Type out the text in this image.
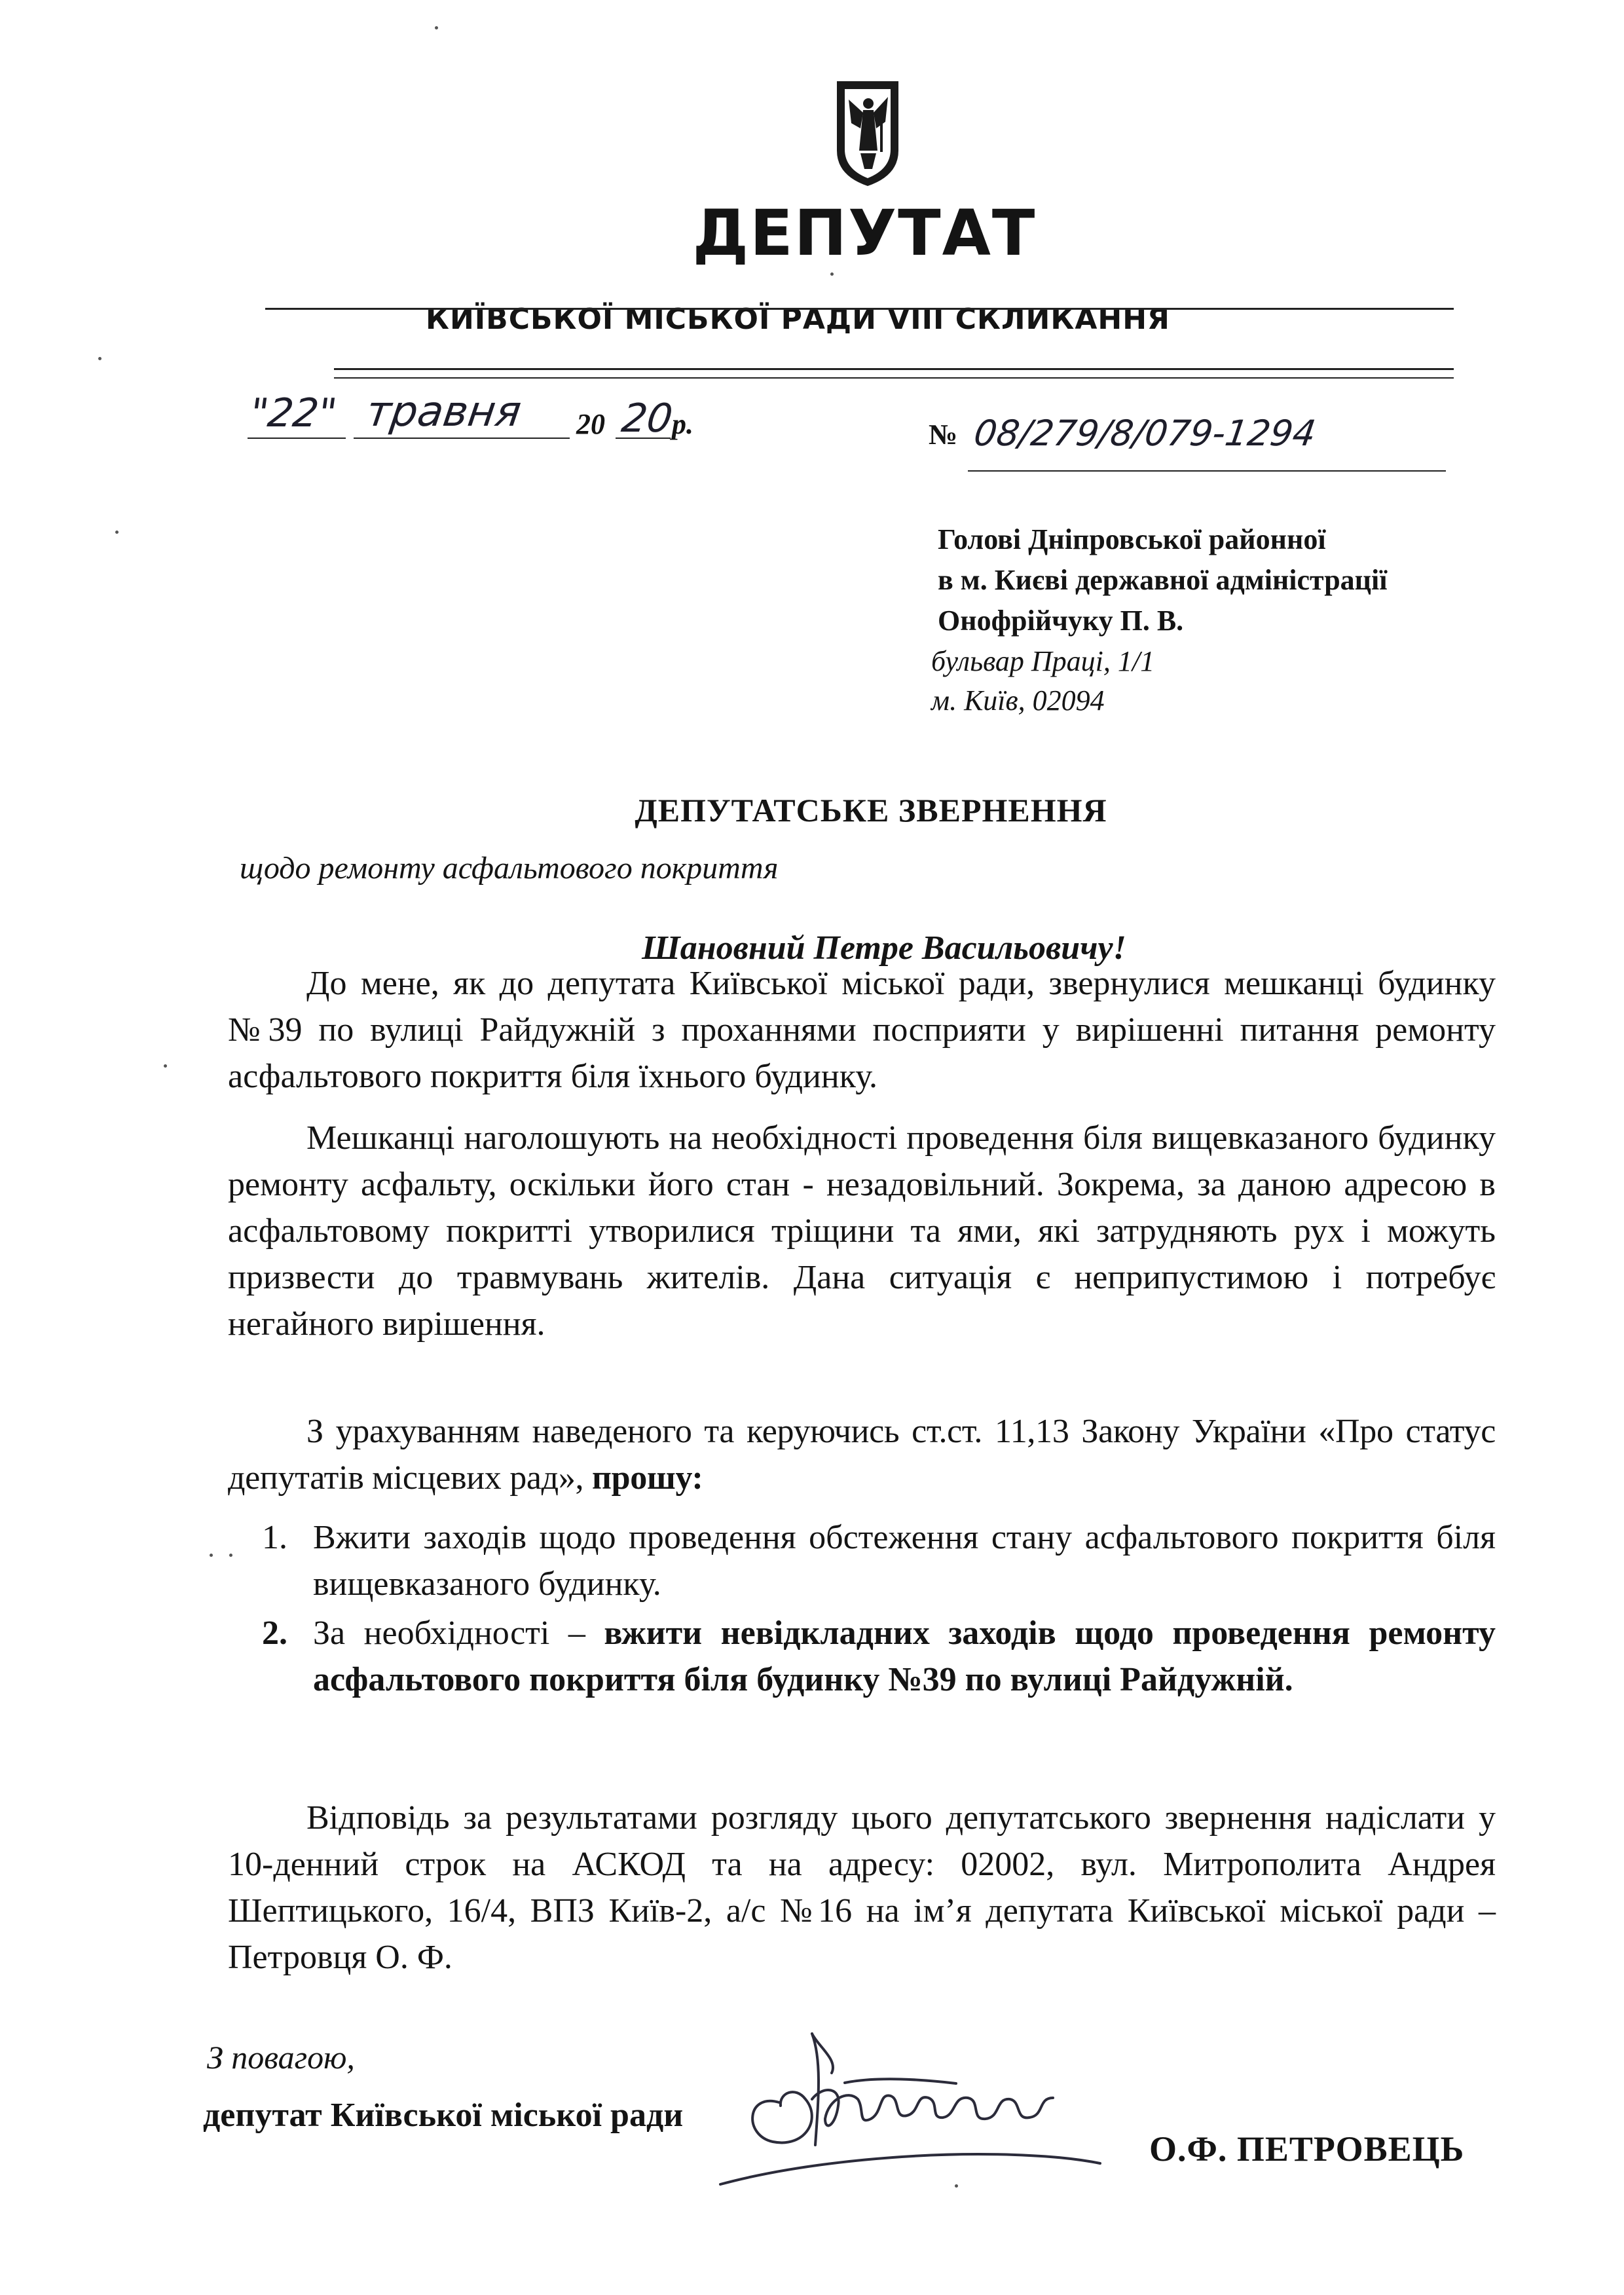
ДЕПУТАТ
КИЇВСЬКОЇ МІСЬКОЇ РАДИ VIII СКЛИКАННЯ
"22" травня 20 20
р.	№ 08/279/8/079-1294
Голові Дніпровської районної
в м. Києві державної адміністрації
Онофрійчуку П. В.
бульвар Праці, 1/1
м. Київ, 02094
ДЕПУТАТСЬКЕ ЗВЕРНЕННЯ
щодо ремонту асфальтового покриття
Шановний Петре Васильовичу!
До мене, як до депутата Київської міської ради, звернулися мешканці будинку №39 по вулиці Райдужній з проханнями посприяти у вирішенні питання ремонту асфальтового покриття біля їхнього будинку.
Мешканці наголошують на необхідності проведення біля вищевказаного будинку ремонту асфальту, оскільки його стан - незадовільний. Зокрема, за даною адресою в асфальтовому покритті утворилися тріщини та ями, які затрудняють рух і можуть призвести до травмувань жителів. Дана ситуація є неприпустимою і потребує негайного вирішення.
З урахуванням наведеного та керуючись ст.ст. 11,13 Закону України «Про статус депутатів місцевих рад», прошу:
1. Вжити заходів щодо проведення обстеження стану асфальтового покриття біля вищевказаного будинку.
2. За необхідності – вжити невідкладних заходів щодо проведення ремонту асфальтового покриття біля будинку №39 по вулиці Райдужній.
Відповідь за результатами розгляду цього депутатського звернення надіслати у 10-денний строк на АСКОД та на адресу: 02002, вул. Митрополита Андрея Шептицького, 16/4, ВПЗ Київ-2, а/с №16 на ім’я депутата Київської міської ради – Петровця О. Ф.
З повагою,
депутат Київської міської ради
О.Ф. ПЕТРОВЕЦЬ
